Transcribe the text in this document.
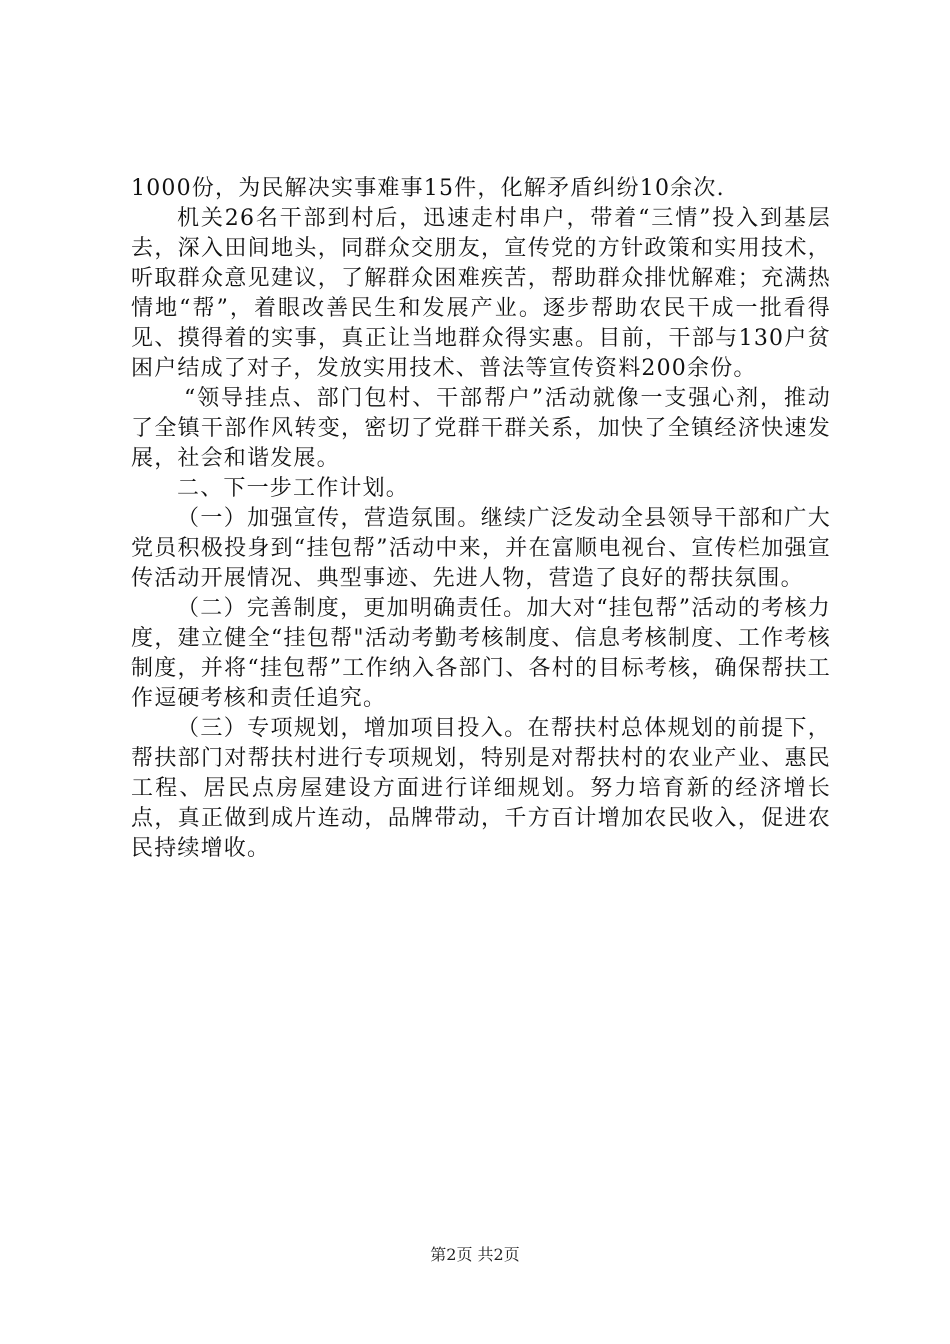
1000份，为民解决实事难事15件，化解矛盾纠纷10余次.

机关26名干部到村后，迅速走村串户，带着“三情”投入到基层去，深入田间地头，同群众交朋友，宣传党的方针政策和实用技术，听取群众意见建议，了解群众困难疾苦，帮助群众排忧解难；充满热情地“帮”，着眼改善民生和发展产业。逐步帮助农民干成一批看得见、摸得着的实事，真正让当地群众得实惠。目前，干部与130户贫困户结成了对子，发放实用技术、普法等宣传资料200余份。

“领导挂点、部门包村、干部帮户”活动就像一支强心剂，推动了全镇干部作风转变，密切了党群干群关系，加快了全镇经济快速发展，社会和谐发展。

二、下一步工作计划。

（一）加强宣传，营造氛围。继续广泛发动全县领导干部和广大党员积极投身到“挂包帮”活动中来，并在富顺电视台、宣传栏加强宣传活动开展情况、典型事迹、先进人物，营造了良好的帮扶氛围。

（二）完善制度，更加明确责任。加大对“挂包帮”活动的考核力度，建立健全“挂包帮"活动考勤考核制度、信息考核制度、工作考核制度，并将“挂包帮”工作纳入各部门、各村的目标考核，确保帮扶工作逗硬考核和责任追究。

（三）专项规划，增加项目投入。在帮扶村总体规划的前提下，帮扶部门对帮扶村进行专项规划，特别是对帮扶村的农业产业、惠民工程、居民点房屋建设方面进行详细规划。努力培育新的经济增长点，真正做到成片连动，品牌带动，千方百计增加农民收入，促进农民持续增收。

第2页 共2页
